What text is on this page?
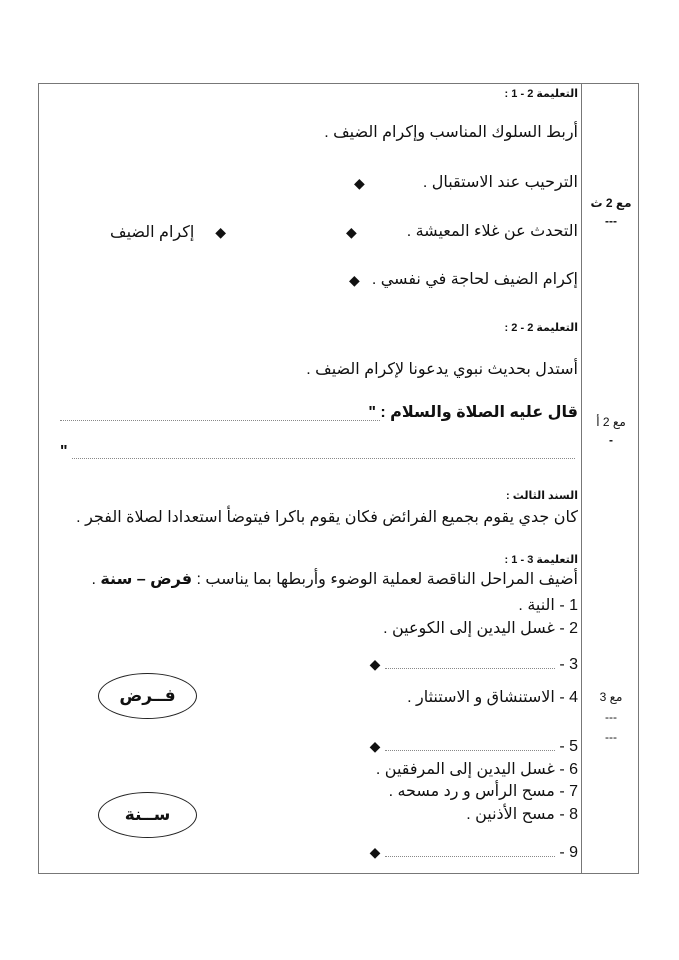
التعليمة 2 - 1 :
أربط السلوك المناسب وإكرام الضيف .
الترحيب عند الاستقبال .
◆
التحدث عن غلاء المعيشة .
◆
◆  إكرام الضيف
إكرام الضيف لحاجة في نفسي .
◆
التعليمة 2 - 2 :
أستدل بحديث نبوي يدعونا لإكرام الضيف .
قال عليه الصلاة والسلام : "
"
السند الثالث :
كان جدي يقوم بجميع الفرائض فكان يقوم باكرا فيتوضأ استعدادا لصلاة الفجر .
التعليمة 3 - 1 :
أضيف المراحل الناقصة لعملية الوضوء وأربطها بما يناسب : فرض – سنة .
1 - النية .
2 - غسل اليدين إلى الكوعين .
3 -  ◆
4 - الاستنشاق و الاستنثار .
5 -  ◆
6 - غسل اليدين إلى المرفقين .
7 - مسح الرأس و رد مسحه .
8 - مسح الأذنين .
9 -  ◆
فــرض
ســنة
مع 2 ث
---
مع 2 أ
-
مع 3
---
---
